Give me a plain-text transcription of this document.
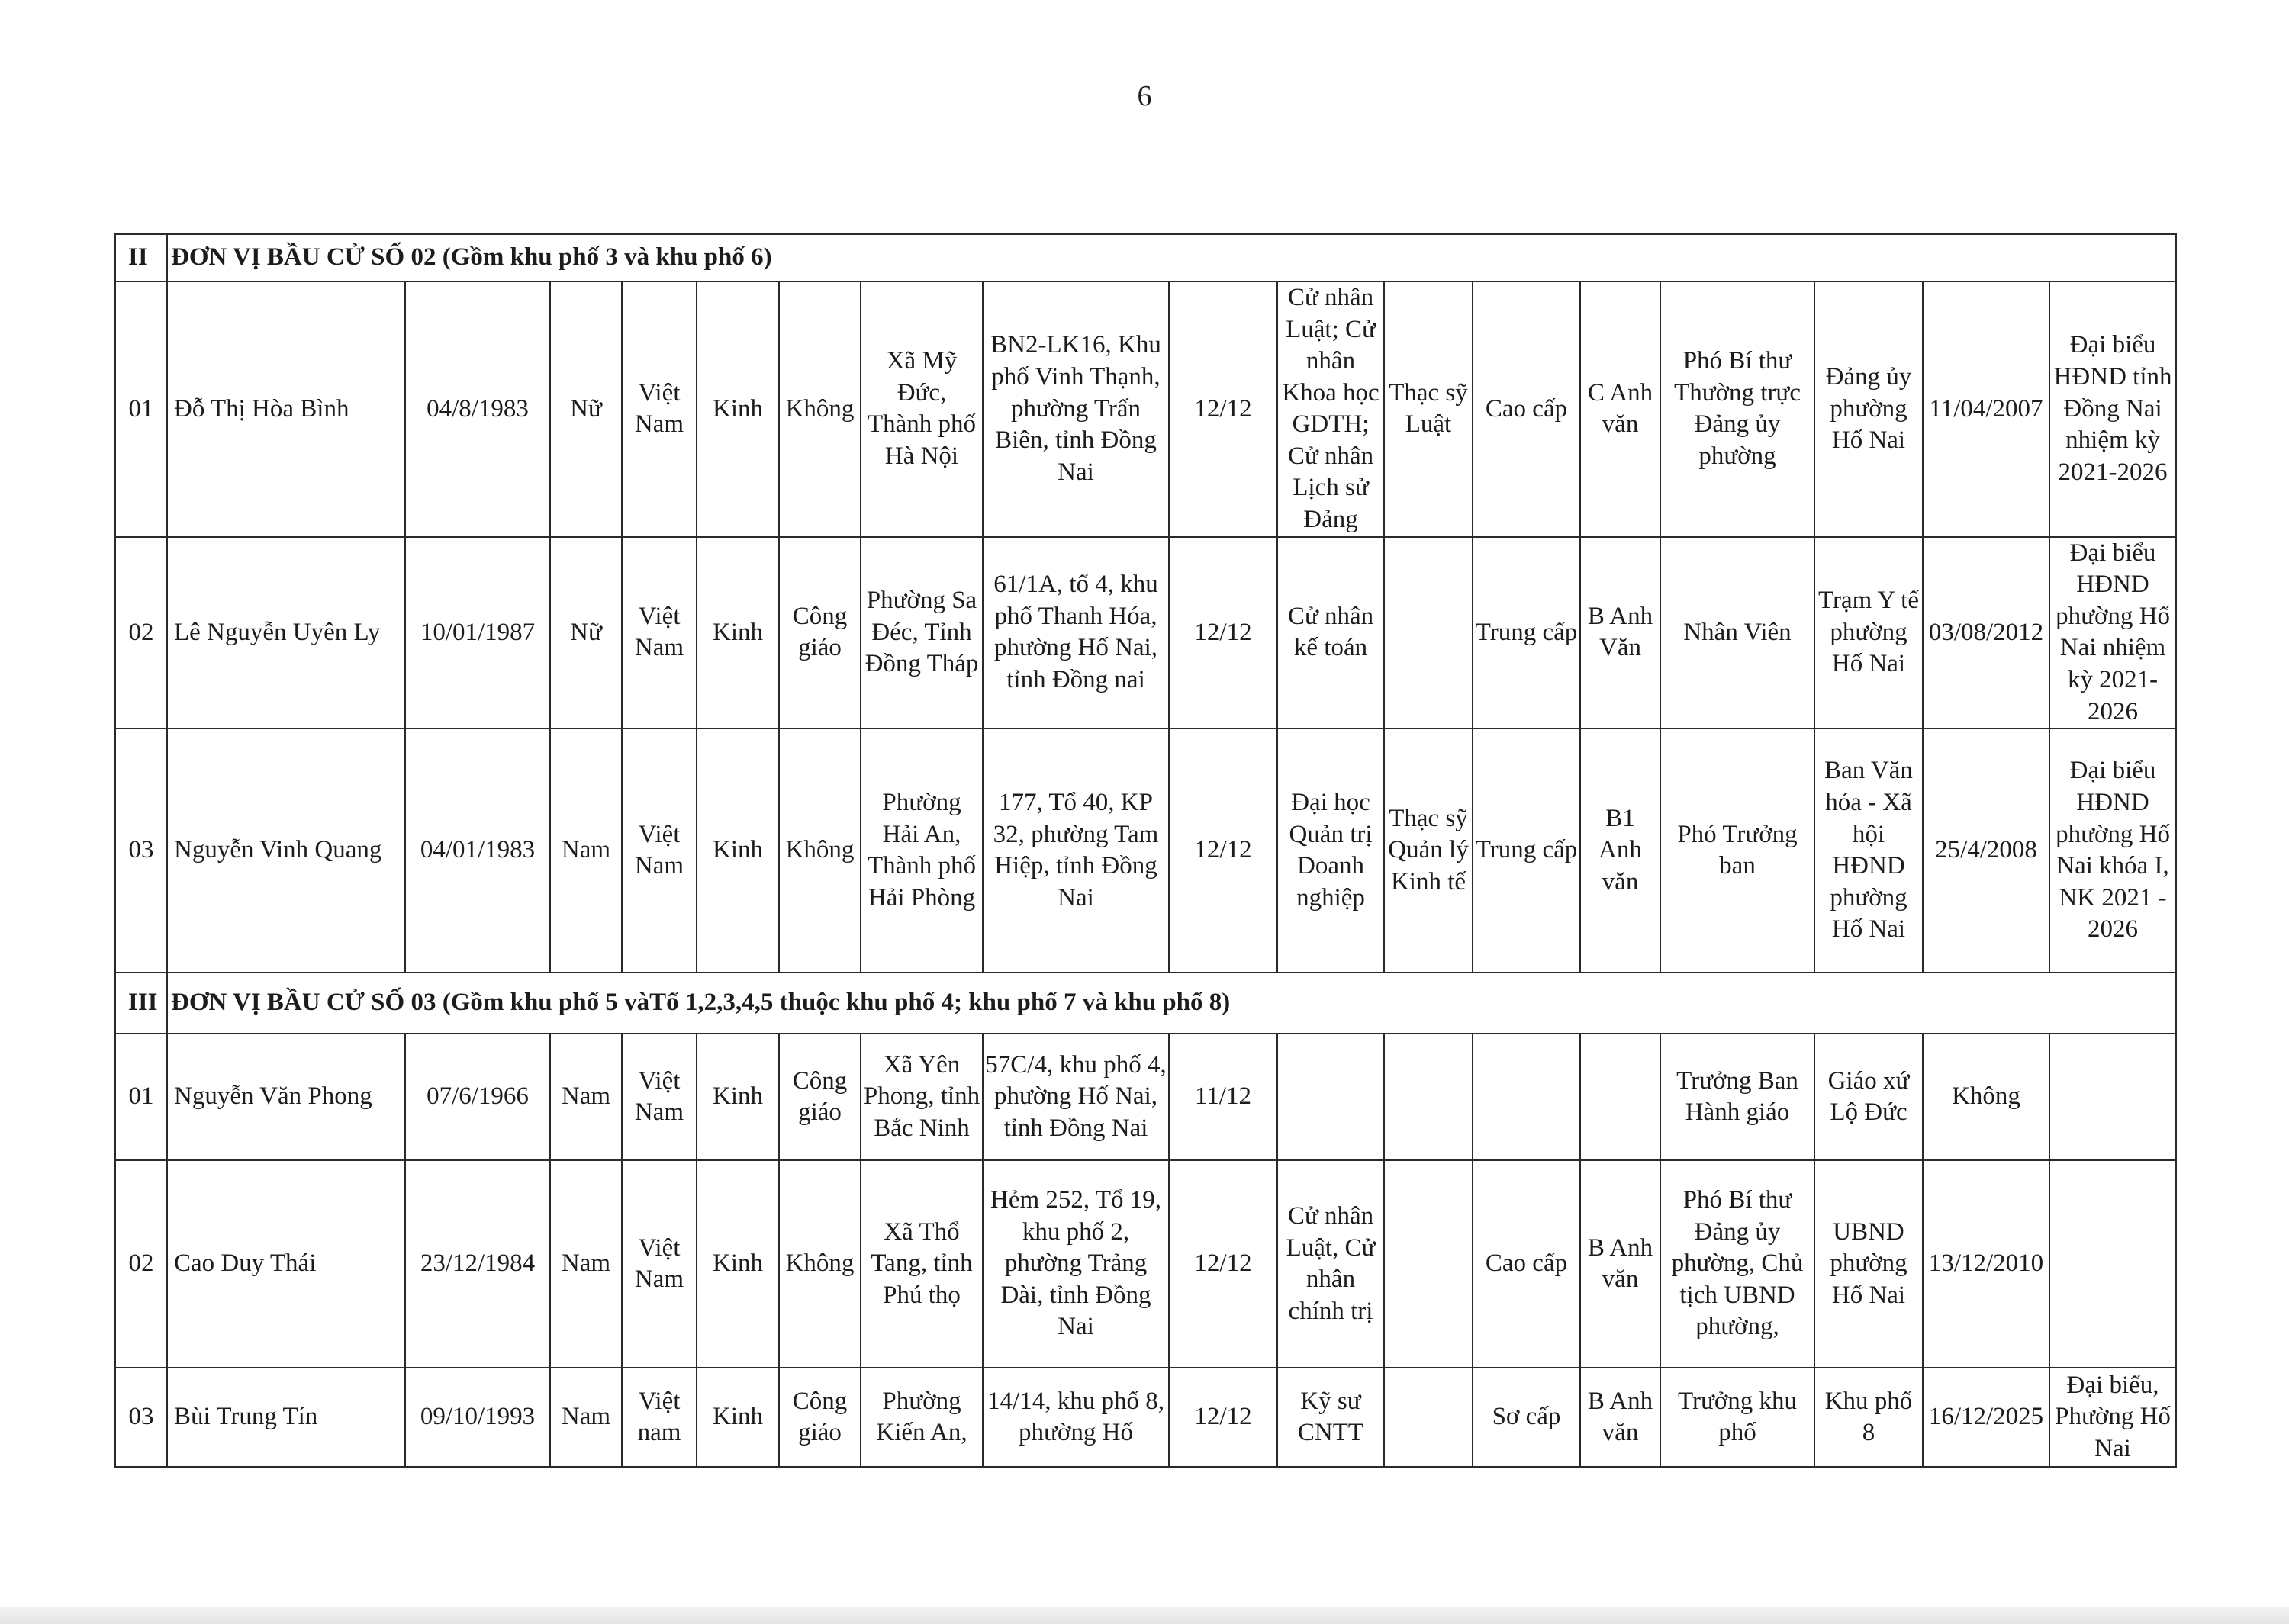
6
II	ĐƠN VỊ BẦU CỬ SỐ 02 (Gồm khu phố 3 và khu phố 6)																
01	Đỗ Thị Hòa Bình	04/8/1983	Nữ	Việt Nam	Kinh	Không	Xã Mỹ Đức, Thành phố Hà Nội	BN2-LK16, Khu phố Vinh Thạnh, phường Trấn Biên, tỉnh Đồng Nai	12/12	Cử nhân Luật; Cử nhân Khoa học GDTH; Cử nhân Lịch sử Đảng	Thạc sỹ Luật	Cao cấp	C Anh văn	Phó Bí thư Thường trực Đảng ủy phường	Đảng ủy phường Hố Nai	11/04/2007	Đại biểu HĐND tỉnh Đồng Nai nhiệm kỳ 2021-2026
02	Lê Nguyễn Uyên Ly	10/01/1987	Nữ	Việt Nam	Kinh	Công giáo	Phường Sa Đéc, Tỉnh Đồng Tháp	61/1A, tổ 4, khu phố Thanh Hóa, phường Hố Nai, tỉnh Đồng nai	12/12	Cử nhân kế toán		Trung cấp	B Anh Văn	Nhân Viên	Trạm Y tế phường Hố Nai	03/08/2012	Đại biểu HĐND phường Hố Nai nhiệm kỳ 2021-2026
03	Nguyễn Vinh Quang	04/01/1983	Nam	Việt Nam	Kinh	Không	Phường Hải An, Thành phố Hải Phòng	177, Tổ 40, KP 32, phường Tam Hiệp, tỉnh Đồng Nai	12/12	Đại học Quản trị Doanh nghiệp	Thạc sỹ Quản lý Kinh tế	Trung cấp	B1 Anh văn	Phó Trưởng ban	Ban Văn hóa - Xã hội HĐND phường Hố Nai	25/4/2008	Đại biểu HĐND phường Hố Nai khóa I, NK 2021 - 2026
III	ĐƠN VỊ BẦU CỬ SỐ 03 (Gồm khu phố 5 vàTổ 1,2,3,4,5 thuộc khu phố 4; khu phố 7 và khu phố 8)																
01	Nguyễn Văn Phong	07/6/1966	Nam	Việt Nam	Kinh	Công giáo	Xã Yên Phong, tỉnh Bắc Ninh	57C/4, khu phố 4, phường Hố Nai, tỉnh Đồng Nai	11/12					Trưởng Ban Hành giáo	Giáo xứ Lộ Đức	Không	
02	Cao Duy Thái	23/12/1984	Nam	Việt Nam	Kinh	Không	Xã Thổ Tang, tỉnh Phú thọ	Hẻm 252, Tổ 19, khu phố 2, phường Trảng Dài, tỉnh Đồng Nai	12/12	Cử nhân Luật, Cử nhân chính trị		Cao cấp	B Anh văn	Phó Bí thư Đảng ủy phường, Chủ tịch UBND phường,	UBND phường Hố Nai	13/12/2010	
03	Bùi Trung Tín	09/10/1993	Nam	Việt nam	Kinh	Công giáo	Phường Kiến An,	14/14, khu phố 8, phường Hố	12/12	Kỹ sư CNTT		Sơ cấp	B Anh văn	Trưởng khu phố	Khu phố 8	16/12/2025	Đại biểu, Phường Hố Nai
